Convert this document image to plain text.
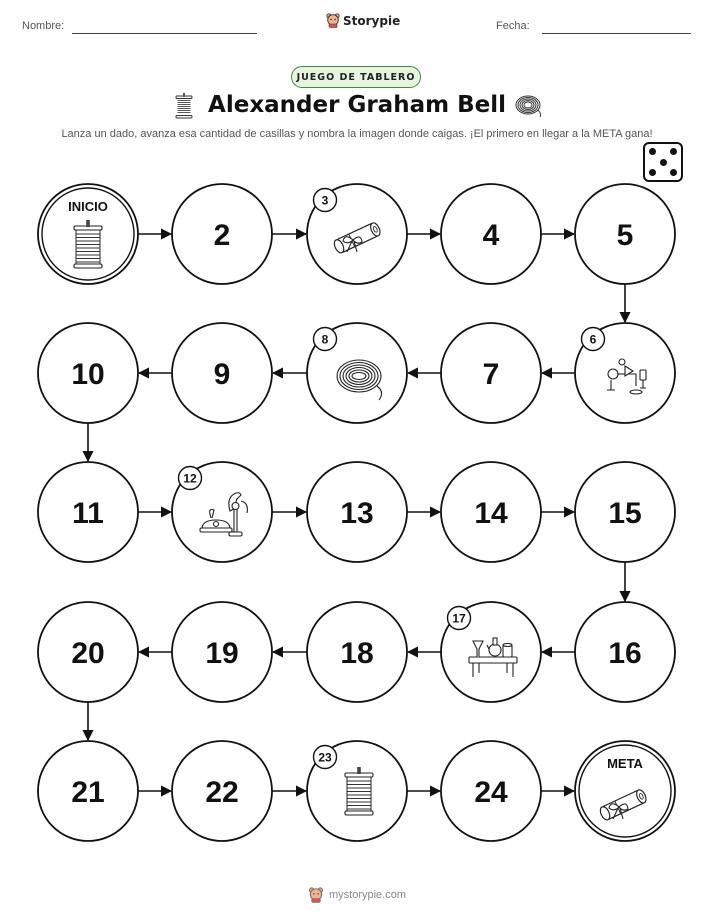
Nombre:	Storypie	Fecha:
JUEGO DE TABLERO
Alexander Graham Bell
Lanza un dado, avanza esa cantidad de casillas y nombra la imagen donde caigas. ¡El primero en llegar a la META gana!
INICIO
2
3
4	5
6
7
8
9
10
11
12
13	14	15
16
17
18
19
20
21	22
23
24
META
mystorypie.com
